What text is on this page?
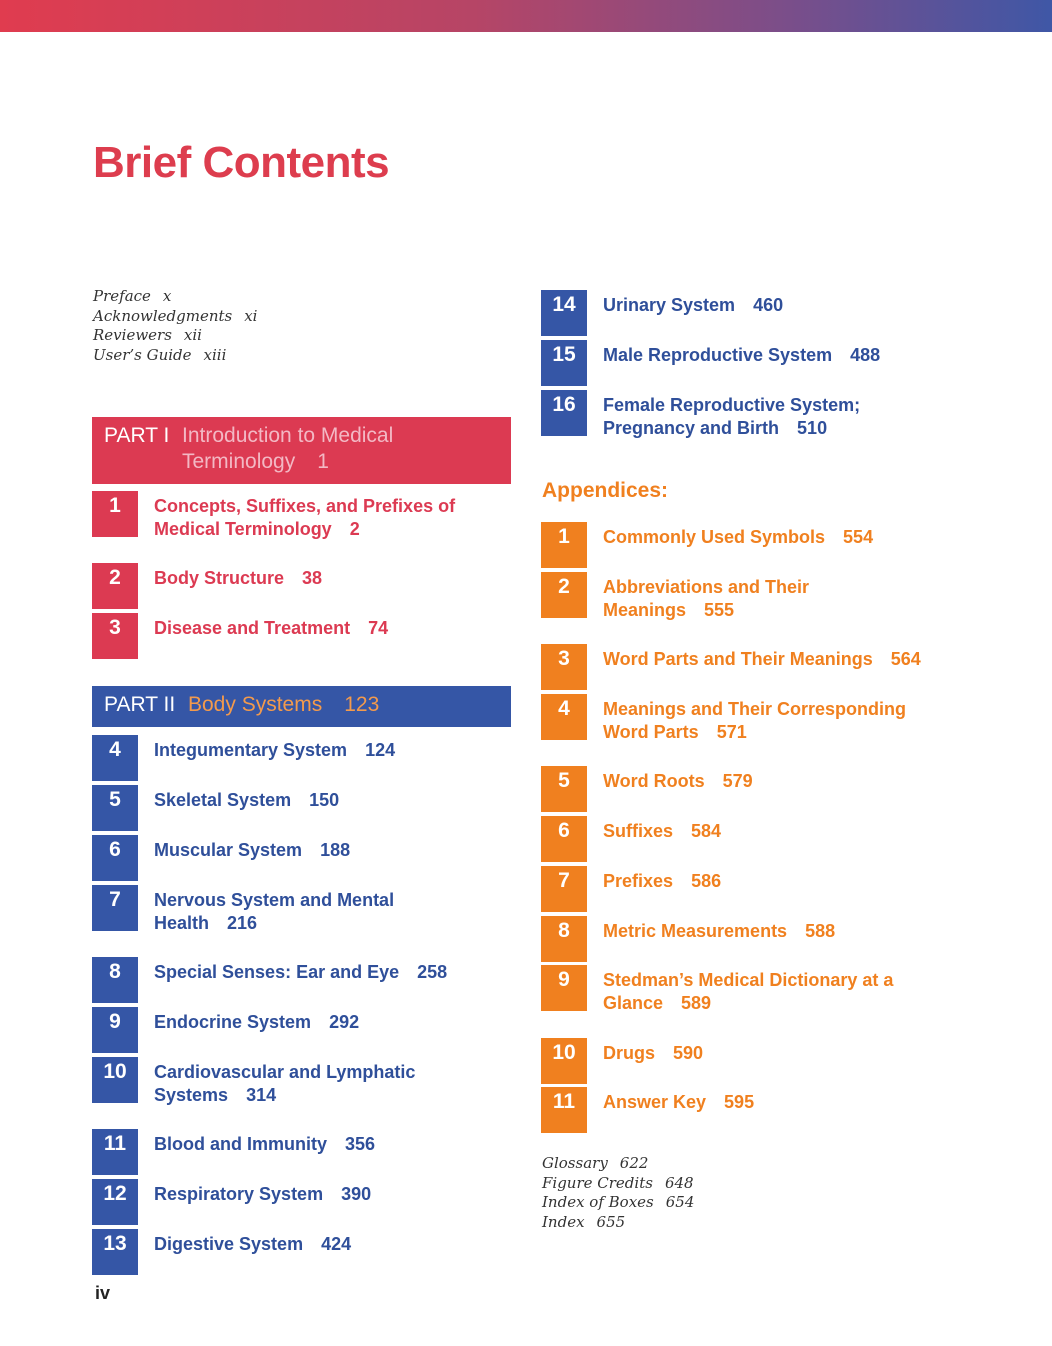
Brief Contents
Preface x
Acknowledgments xi
Reviewers xii
User’s Guide xiii
PART I Introduction to Medical Terminology 1
1	Concepts, Suffixes, and Prefixes of Medical Terminology 2
2	Body Structure 38
3	Disease and Treatment 74
PART II Body Systems 123
4	Integumentary System 124
5	Skeletal System 150
6	Muscular System 188
7	Nervous System and Mental Health 216
8	Special Senses: Ear and Eye 258
9	Endocrine System 292
10	Cardiovascular and Lymphatic Systems 314
11	Blood and Immunity 356
12	Respiratory System 390
13	Digestive System 424
14	Urinary System 460
15	Male Reproductive System 488
16	Female Reproductive System; Pregnancy and Birth 510
Appendices:
1	Commonly Used Symbols 554
2	Abbreviations and Their Meanings 555
3	Word Parts and Their Meanings 564
4	Meanings and Their Corresponding Word Parts 571
5	Word Roots 579
6	Suffixes 584
7	Prefixes 586
8	Metric Measurements 588
9	Stedman’s Medical Dictionary at a Glance 589
10	Drugs 590
11	Answer Key 595
Glossary 622
Figure Credits 648
Index of Boxes 654
Index 655
iv
